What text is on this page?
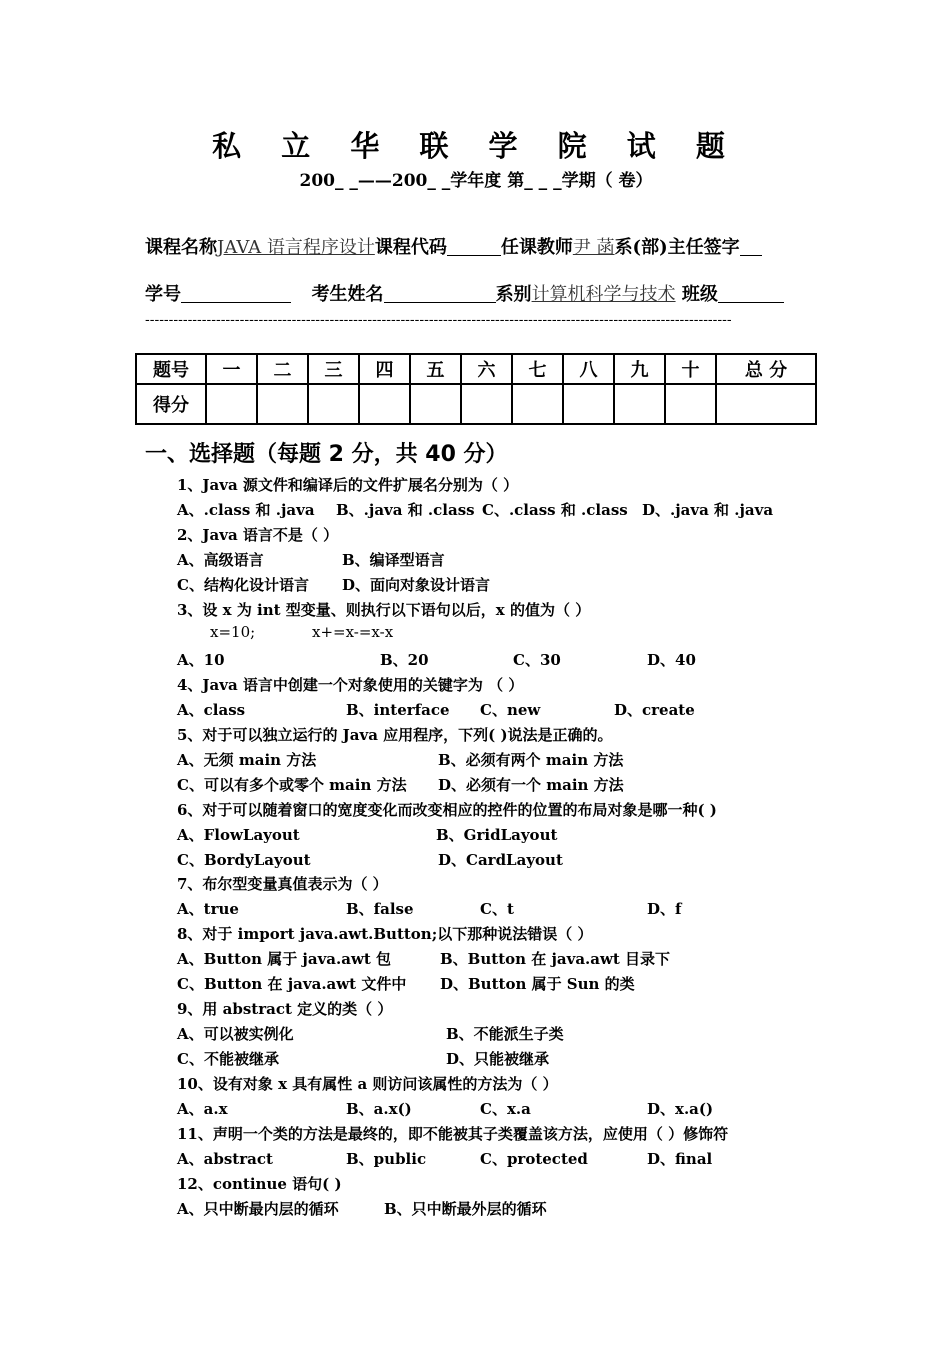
私 立 华 联 学 院 试 题
200_ _——200_ _学年度 第_ _ _学期（ 卷）
课程名称JAVA 语言程序设计课程代码	任课教师尹 菡系(部)主任签字
学号	考生姓名	系别计算机科学与技术 班级
----------------------------------------------------------------------------------------------------------------------------
题号	一	二	三	四	五	六	七	八	九	十	总 分
得分											
一、选择题（每题 2 分，共 40 分）
1、Java 源文件和编译后的文件扩展名分别为（ ）
A、.class 和 .java B、.java 和 .class C、.class 和 .class D、.java 和 .java
2、Java 语言不是（ ）
A、高级语言	B、编译型语言
C、结构化设计语言 D、面向对象设计语言
3、设 x 为 int 型变量、则执行以下语句以后，x 的值为（ ）
x=10;	x+=x-=x-x
A、10	B、20	C、30	D、40
4、Java 语言中创建一个对象使用的关键字为 （ ）
A、class	B、interface C、new	D、create
5、对于可以独立运行的 Java 应用程序，下列( )说法是正确的。
A、无须 main 方法	B、必须有两个 main 方法
C、可以有多个或零个 main 方法 D、必须有一个 main 方法
6、对于可以随着窗口的宽度变化而改变相应的控件的位置的布局对象是哪一种( )
A、FlowLayout	B、GridLayout
C、BordyLayout	D、CardLayout
7、布尔型变量真值表示为（ ）
A、true	B、false	C、t	D、f
8、对于 import java.awt.Button;以下那种说法错误（ ）
A、Button 属于 java.awt 包	B、Button 在 java.awt 目录下
C、Button 在 java.awt 文件中 D、Button 属于 Sun 的类
9、用 abstract 定义的类（ ）
A、可以被实例化	B、不能派生子类
C、不能被继承	D、只能被继承
10、设有对象 x 具有属性 a 则访问该属性的方法为（ ）
A、a.x	B、a.x()	C、x.a	D、x.a()
11、声明一个类的方法是最终的，即不能被其子类覆盖该方法，应使用（ ）修饰符
A、abstract	B、public	C、protected	D、final
12、continue 语句( )
A、只中断最内层的循环	B、只中断最外层的循环
